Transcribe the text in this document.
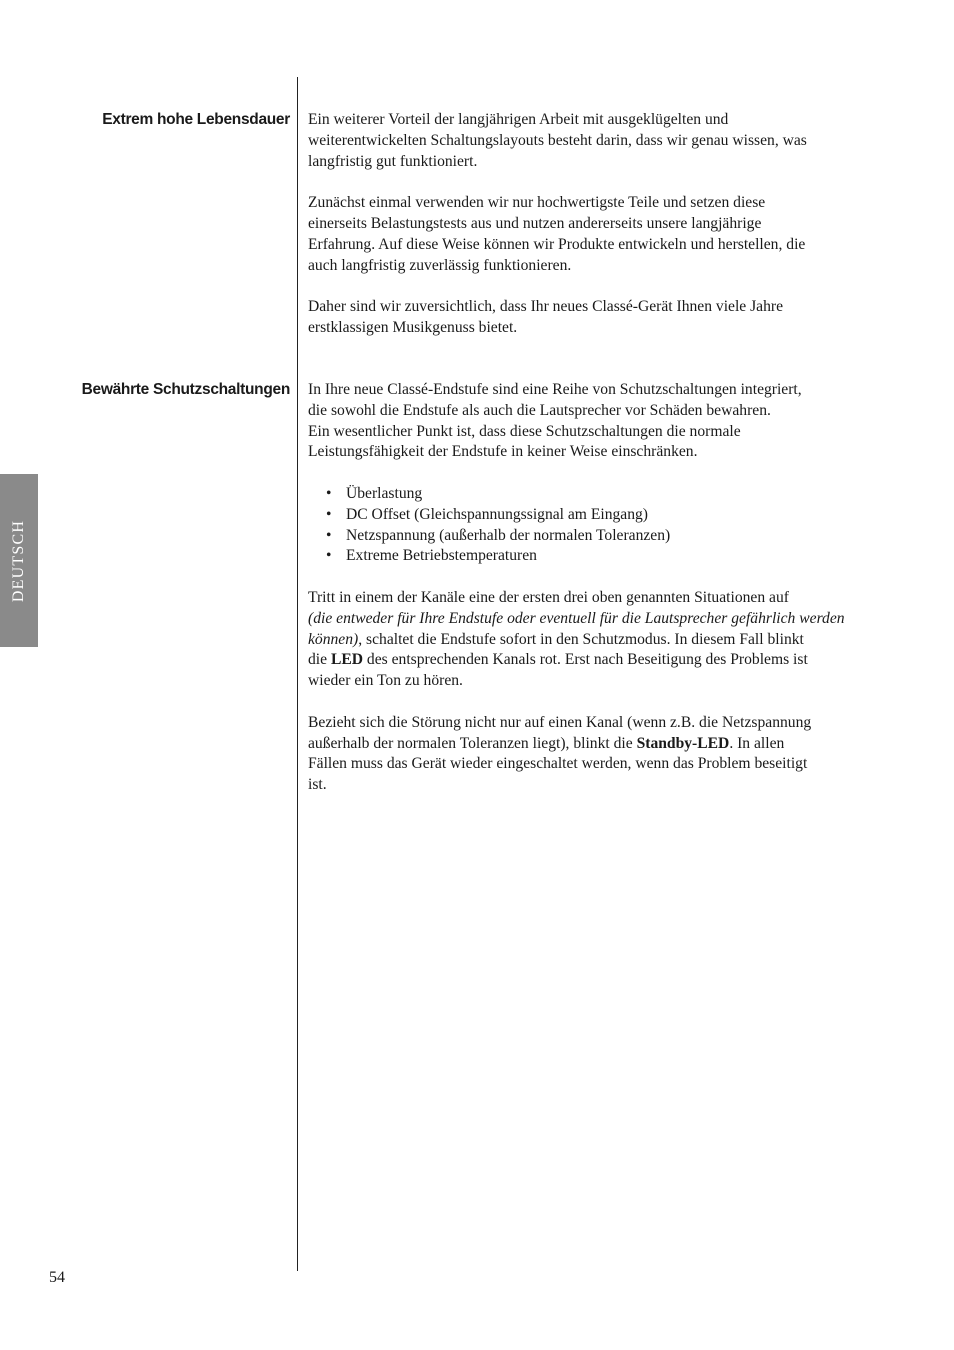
DEUTSCH
Extrem hohe Lebensdauer Ein weiterer Vorteil der langjährigen Arbeit mit ausgeklügelten und
weiterentwickelten Schaltungslayouts besteht darin, dass wir genau wissen, was
langfristig gut funktioniert.

Zunächst einmal verwenden wir nur hochwertigste Teile und setzen diese
einerseits Belastungstests aus und nutzen andererseits unsere langjährige
Erfahrung. Auf diese Weise können wir Produkte entwickeln und herstellen, die
auch langfristig zuverlässig funktionieren.

Daher sind wir zuversichtlich, dass Ihr neues Classé-Gerät Ihnen viele Jahre
erstklassigen Musikgenuss bietet.

Bewährte Schutzschaltungen In Ihre neue Classé-Endstufe sind eine Reihe von Schutzschaltungen integriert,
die sowohl die Endstufe als auch die Lautsprecher vor Schäden bewahren.
Ein wesentlicher Punkt ist, dass diese Schutzschaltungen die normale
Leistungsfähigkeit der Endstufe in keiner Weise einschränken.

• Überlastung
• DC Offset (Gleichspannungssignal am Eingang)
• Netzspannung (außerhalb der normalen Toleranzen)
• Extreme Betriebstemperaturen

Tritt in einem der Kanäle eine der ersten drei oben genannten Situationen auf
(die entweder für Ihre Endstufe oder eventuell für die Lautsprecher gefährlich werden
können), schaltet die Endstufe sofort in den Schutzmodus. In diesem Fall blinkt
die LED des entsprechenden Kanals rot. Erst nach Beseitigung des Problems ist
wieder ein Ton zu hören.

Bezieht sich die Störung nicht nur auf einen Kanal (wenn z.B. die Netzspannung
außerhalb der normalen Toleranzen liegt), blinkt die Standby-LED. In allen
Fällen muss das Gerät wieder eingeschaltet werden, wenn das Problem beseitigt
ist.

54
